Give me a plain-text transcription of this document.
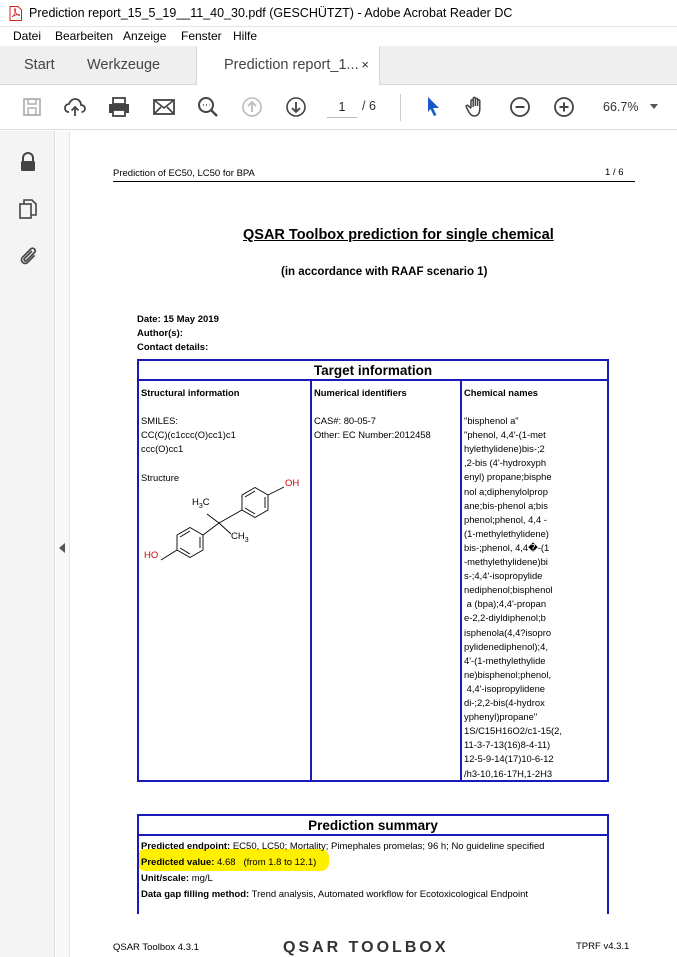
Prediction report_15_5_19__11_40_30.pdf (GESCHÜTZT) - Adobe Acrobat Reader DC
Datei Bearbeiten Anzeige Fenster Hilfe
Start	Werkzeuge	Prediction report_1... ×
1	/ 6	66.7%
Prediction of EC50, LC50 for BPA	1 / 6
QSAR Toolbox prediction for single chemical
(in accordance with RAAF scenario 1)
Date: 15 May 2019
Author(s):
Contact details:
Target information
Structural information
SMILES:
CC(C)(c1ccc(O)cc1)c1
ccc(O)cc1
Structure
OH
HO
$H_3C$
$CH_3$
Numerical identifiers
CAS#: 80-05-7
Other: EC Number:2012458
Chemical names
"bisphenol a"
"phenol, 4,4'-(1-met
hylethylidene)bis-;2
,2-bis (4'-hydroxyph
enyl) propane;bisphe
nol a;diphenylolprop
ane;bis-phenol a;bis
phenol;phenol, 4,4 -
(1-methylethylidene)
bis-;phenol, 4,4�-(1
-methylethylidene)bi
s-;4,4'-isopropylide
nediphenol;bisphenol
a (bpa);4,4'-propan
e-2,2-diyldiphenol;b
isphenola(4,4?isopro
pylidenediphenol);4,
4'-(1-methylethylide
ne)bisphenol;phenol,
4,4'-isopropylidene
di-;2,2-bis(4-hydrox
yphenyl)propane"
1S/C15H16O2/c1-15(2,
11-3-7-13(16)8-4-11)
12-5-9-14(17)10-6-12
/h3-10,16-17H,1-2H3
Prediction summary
Predicted endpoint: EC50, LC50; Mortality; Pimephales promelas; 96 h; No guideline specified
Predicted value: 4.68   (from 1.8 to 12.1)
Unit/scale: mg/L
Data gap filling method: Trend analysis, Automated workflow for Ecotoxicological Endpoint
QSAR Toolbox 4.3.1	QSAR TOOLBOX	TPRF v4.3.1
